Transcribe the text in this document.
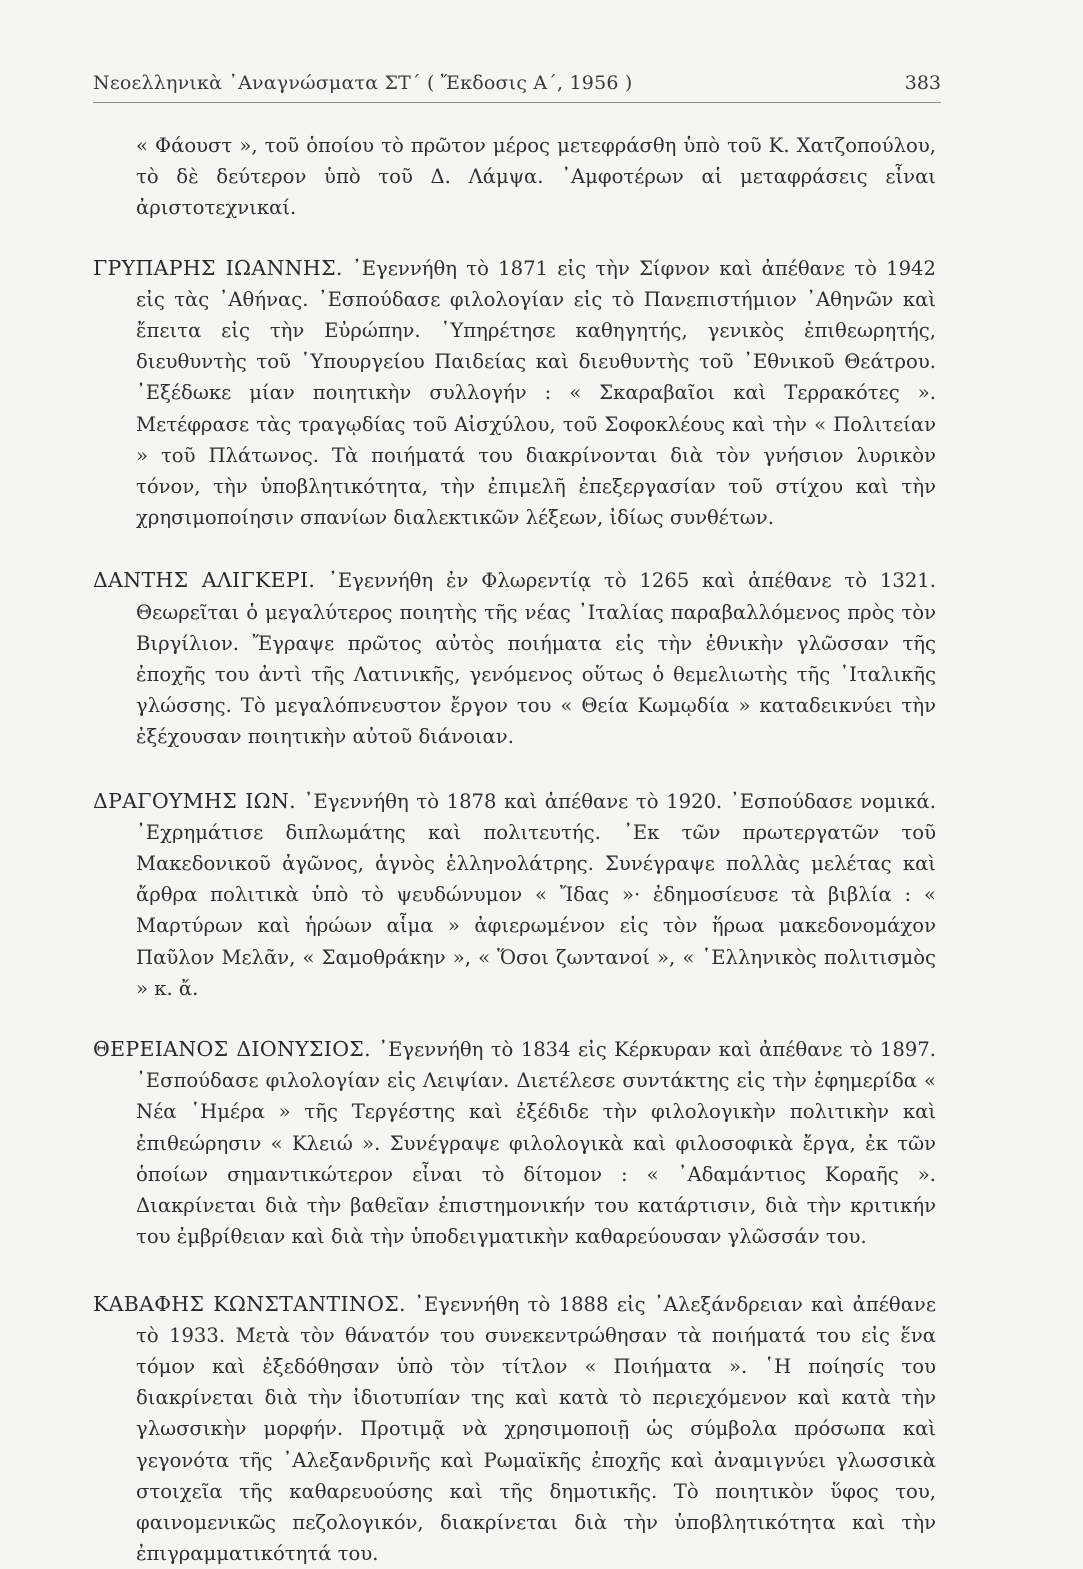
Νεοελληνικὰ ᾿Αναγνώσματα ΣΤ΄ ( Ἔκδοσις Α΄, 1956 )	383

« Φάουστ », τοῦ ὁποίου τὸ πρῶτον μέρος μετεφράσθη ὑπὸ τοῦ Κ. Χατζοπούλου, τὸ δὲ δεύτερον ὑπὸ τοῦ Δ. Λάμψα. ᾿Αμφοτέρων αἱ μεταφράσεις εἶναι ἀριστοτεχνικαί.

ΓΡΥΠΑΡΗΣ ΙΩΑΝΝΗΣ. ᾿Εγεννήθη τὸ 1871 εἰς τὴν Σίφνον καὶ ἀπέθανε τὸ 1942 εἰς τὰς ᾿Αθήνας. ᾿Εσπούδασε φιλολογίαν εἰς τὸ Πανεπιστήμιον ᾿Αθηνῶν καὶ ἔπειτα εἰς τὴν Εὐρώπην. ῾Υπηρέτησε καθηγητής, γενικὸς ἐπιθεωρητής, διευθυντὴς τοῦ ῾Υπουργείου Παιδείας καὶ διευθυντὴς τοῦ ᾿Εθνικοῦ Θεάτρου. ᾿Εξέδωκε μίαν ποιητικὴν συλλογήν : « Σκαραβαῖοι καὶ Τερρακότες ». Μετέφρασε τὰς τραγῳδίας τοῦ Αἰσχύλου, τοῦ Σοφοκλέους καὶ τὴν « Πολιτείαν » τοῦ Πλάτωνος. Τὰ ποιήματά του διακρίνονται διὰ τὸν γνήσιον λυρικὸν τόνον, τὴν ὑποβλητικότητα, τὴν ἐπιμελῆ ἐπεξεργασίαν τοῦ στίχου καὶ τὴν χρησιμοποίησιν σπανίων διαλεκτικῶν λέξεων, ἰδίως συνθέτων.

ΔΑΝΤΗΣ ΑΛΙΓΚΕΡΙ. ᾿Εγεννήθη ἐν Φλωρεντίᾳ τὸ 1265 καὶ ἀπέθανε τὸ 1321. Θεωρεῖται ὁ μεγαλύτερος ποιητὴς τῆς νέας ᾿Ιταλίας παραβαλλόμενος πρὸς τὸν Βιργίλιον. Ἔγραψε πρῶτος αὐτὸς ποιήματα εἰς τὴν ἐθνικὴν γλῶσσαν τῆς ἐποχῆς του ἀντὶ τῆς Λατινικῆς, γενόμενος οὕτως ὁ θεμελιωτὴς τῆς ᾿Ιταλικῆς γλώσσης. Τὸ μεγαλόπνευστον ἔργον του « Θεία Κωμῳδία » καταδεικνύει τὴν ἐξέχουσαν ποιητικὴν αὐτοῦ διάνοιαν.

ΔΡΑΓΟΥΜΗΣ ΙΩΝ. ᾿Εγεννήθη τὸ 1878 καὶ ἀπέθανε τὸ 1920. ᾿Εσπούδασε νομικά. ᾿Εχρημάτισε διπλωμάτης καὶ πολιτευτής. ᾿Εκ τῶν πρωτεργατῶν τοῦ Μακεδονικοῦ ἀγῶνος, ἁγνὸς ἑλληνολάτρης. Συνέγραψε πολλὰς μελέτας καὶ ἄρθρα πολιτικὰ ὑπὸ τὸ ψευδώνυμον « Ἴδας »· ἐδημοσίευσε τὰ βιβλία : « Μαρτύρων καὶ ἡρώων αἷμα » ἀφιερωμένον εἰς τὸν ἥρωα μακεδονομάχον Παῦλον Μελᾶν, « Σαμοθράκην », « Ὅσοι ζωντανοί », « ῾Ελληνικὸς πολιτισμὸς » κ. ἄ.

ΘΕΡΕΙΑΝΟΣ ΔΙΟΝΥΣΙΟΣ. ᾿Εγεννήθη τὸ 1834 εἰς Κέρκυραν καὶ ἀπέθανε τὸ 1897. ᾿Εσπούδασε φιλολογίαν εἰς Λειψίαν. Διετέλεσε συντάκτης εἰς τὴν ἐφημερίδα « Νέα ῾Ημέρα » τῆς Τεργέστης καὶ ἐξέδιδε τὴν φιλολογικὴν πολιτικὴν καὶ ἐπιθεώρησιν « Κλειώ ». Συνέγραψε φιλολογικὰ καὶ φιλοσοφικὰ ἔργα, ἐκ τῶν ὁποίων σημαντικώτερον εἶναι τὸ δίτομον : « ᾿Αδαμάντιος Κοραῆς ». Διακρίνεται διὰ τὴν βαθεῖαν ἐπιστημονικήν του κατάρτισιν, διὰ τὴν κριτικήν του ἐμβρίθειαν καὶ διὰ τὴν ὑποδειγματικὴν καθαρεύουσαν γλῶσσάν του.

ΚΑΒΑΦΗΣ ΚΩΝΣΤΑΝΤΙΝΟΣ. ᾿Εγεννήθη τὸ 1888 εἰς ᾿Αλεξάνδρειαν καὶ ἀπέθανε τὸ 1933. Μετὰ τὸν θάνατόν του συνεκεντρώθησαν τὰ ποιήματά του εἰς ἕνα τόμον καὶ ἐξεδόθησαν ὑπὸ τὸν τίτλον « Ποιήματα ». ῾Η ποίησίς του διακρίνεται διὰ τὴν ἰδιοτυπίαν της καὶ κατὰ τὸ περιεχόμενον καὶ κατὰ τὴν γλωσσικὴν μορφήν. Προτιμᾷ νὰ χρησιμοποιῇ ὡς σύμβολα πρόσωπα καὶ γεγονότα τῆς ᾿Αλεξανδρινῆς καὶ Ρωμαϊκῆς ἐποχῆς καὶ ἀναμιγνύει γλωσσικὰ στοιχεῖα τῆς καθαρευούσης καὶ τῆς δημοτικῆς. Τὸ ποιητικὸν ὕφος του, φαινομενικῶς πεζολογικόν, διακρίνεται διὰ τὴν ὑποβλητικότητα καὶ τὴν ἐπιγραμματικότητά του.
